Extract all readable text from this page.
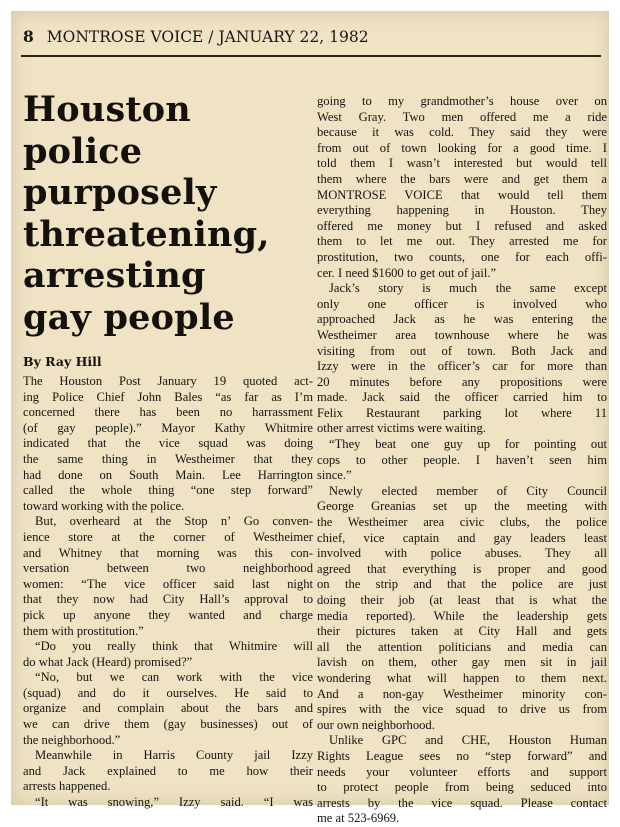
8 MONTROSE VOICE / JANUARY 22, 1982
Houston
police
purposely
threatening,
arresting
gay people
By Ray Hill
The Houston Post January 19 quoted act-
ing Police Chief John Bales “as far as I’m
concerned there has been no harrassment
(of gay people).” Mayor Kathy Whitmire
indicated that the vice squad was doing
the same thing in Westheimer that they
had done on South Main. Lee Harrington
called the whole thing “one step forward”
toward working with the police.
But, overheard at the Stop n’ Go conven-
ience store at the corner of Westheimer
and Whitney that morning was this con-
versation between two neighborhood
women: “The vice officer said last night
that they now had City Hall’s approval to
pick up anyone they wanted and charge
them with prostitution.”
“Do you really think that Whitmire will
do what Jack (Heard) promised?”
“No, but we can work with the vice
(squad) and do it ourselves. He said to
organize and complain about the bars and
we can drive them (gay businesses) out of
the neighborhood.”
Meanwhile in Harris County jail Izzy
and Jack explained to me how their
arrests happened.
“It was snowing,” Izzy said. “I was
going to my grandmother’s house over on
West Gray. Two men offered me a ride
because it was cold. They said they were
from out of town looking for a good time. I
told them I wasn’t interested but would tell
them where the bars were and get them a
MONTROSE VOICE that would tell them
everything happening in Houston. They
offered me money but I refused and asked
them to let me out. They arrested me for
prostitution, two counts, one for each offi-
cer. I need $1600 to get out of jail.”
Jack’s story is much the same except
only one officer is involved who
approached Jack as he was entering the
Westheimer area townhouse where he was
visiting from out of town. Both Jack and
Izzy were in the officer’s car for more than
20 minutes before any propositions were
made. Jack said the officer carried him to
Felix Restaurant parking lot where 11
other arrest victims were waiting.
“They beat one guy up for pointing out
cops to other people. I haven’t seen him
since.”
Newly elected member of City Council
George Greanias set up the meeting with
the Westheimer area civic clubs, the police
chief, vice captain and gay leaders least
involved with police abuses. They all
agreed that everything is proper and good
on the strip and that the police are just
doing their job (at least that is what the
media reported). While the leadership gets
their pictures taken at City Hall and gets
all the attention politicians and media can
lavish on them, other gay men sit in jail
wondering what will happen to them next.
And a non-gay Westheimer minority con-
spires with the vice squad to drive us from
our own neighborhood.
Unlike GPC and CHE, Houston Human
Rights League sees no “step forward” and
needs your volunteer efforts and support
to protect people from being seduced into
arrests by the vice squad. Please contact
me at 523-6969.
